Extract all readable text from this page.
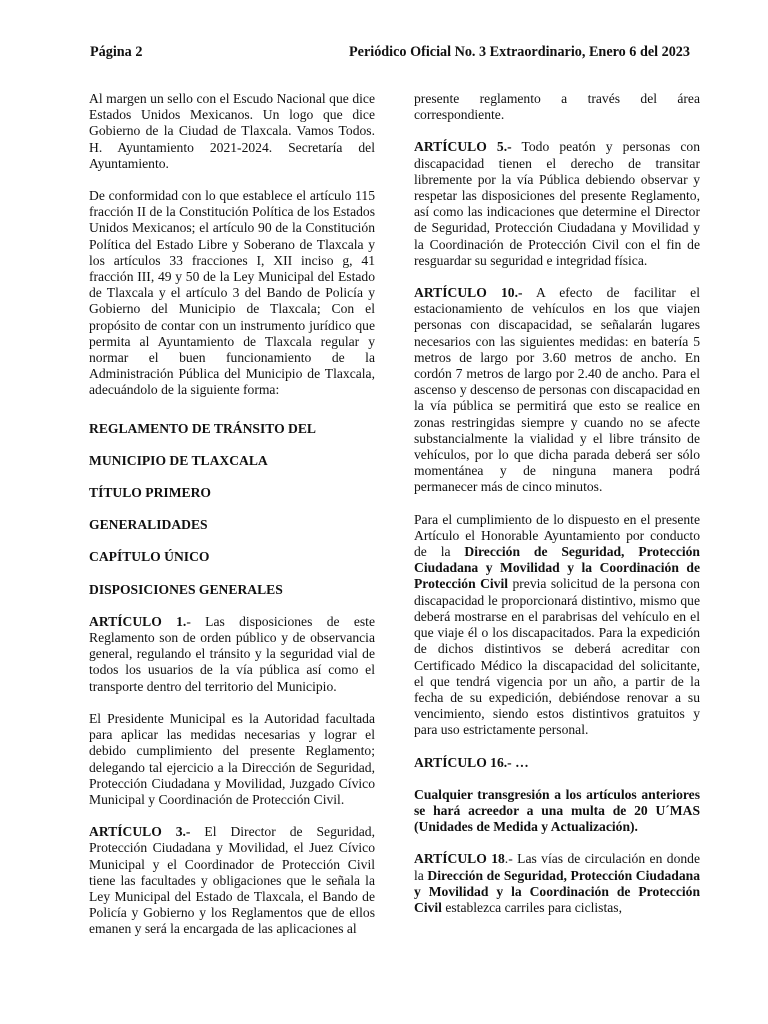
Página 2	Periódico Oficial No. 3 Extraordinario, Enero 6 del 2023

Al margen un sello con el Escudo Nacional que dice Estados Unidos Mexicanos. Un logo que dice Gobierno de la Ciudad de Tlaxcala. Vamos Todos. H. Ayuntamiento 2021-2024. Secretaría del Ayuntamiento.

De conformidad con lo que establece el artículo 115 fracción II de la Constitución Política de los Estados Unidos Mexicanos; el artículo 90 de la Constitución Política del Estado Libre y Soberano de Tlaxcala y los artículos 33 fracciones I, XII inciso g, 41 fracción III, 49 y 50 de la Ley Municipal del Estado de Tlaxcala y el artículo 3 del Bando de Policía y Gobierno del Municipio de Tlaxcala; Con el propósito de contar con un instrumento jurídico que permita al Ayuntamiento de Tlaxcala regular y normar el buen funcionamiento de la Administración Pública del Municipio de Tlaxcala, adecuándolo de la siguiente forma:

REGLAMENTO DE TRÁNSITO DEL

MUNICIPIO DE TLAXCALA

TÍTULO PRIMERO

GENERALIDADES

CAPÍTULO ÚNICO

DISPOSICIONES GENERALES

ARTÍCULO 1.- Las disposiciones de este Reglamento son de orden público y de observancia general, regulando el tránsito y la seguridad vial de todos los usuarios de la vía pública así como el transporte dentro del territorio del Municipio.

El Presidente Municipal es la Autoridad facultada para aplicar las medidas necesarias y lograr el debido cumplimiento del presente Reglamento; delegando tal ejercicio a la Dirección de Seguridad, Protección Ciudadana y Movilidad, Juzgado Cívico Municipal y Coordinación de Protección Civil.

ARTÍCULO 3.- El Director de Seguridad, Protección Ciudadana y Movilidad, el Juez Cívico Municipal y el Coordinador de Protección Civil tiene las facultades y obligaciones que le señala la Ley Municipal del Estado de Tlaxcala, el Bando de Policía y Gobierno y los Reglamentos que de ellos emanen y será la encargada de las aplicaciones al

presente reglamento a través del área correspondiente.

ARTÍCULO 5.- Todo peatón y personas con discapacidad tienen el derecho de transitar libremente por la vía Pública debiendo observar y respetar las disposiciones del presente Reglamento, así como las indicaciones que determine el Director de Seguridad, Protección Ciudadana y Movilidad y la Coordinación de Protección Civil con el fin de resguardar su seguridad e integridad física.

ARTÍCULO 10.- A efecto de facilitar el estacionamiento de vehículos en los que viajen personas con discapacidad, se señalarán lugares necesarios con las siguientes medidas: en batería 5 metros de largo por 3.60 metros de ancho. En cordón 7 metros de largo por 2.40 de ancho. Para el ascenso y descenso de personas con discapacidad en la vía pública se permitirá que esto se realice en zonas restringidas siempre y cuando no se afecte substancialmente la vialidad y el libre tránsito de vehículos, por lo que dicha parada deberá ser sólo momentánea y de ninguna manera podrá permanecer más de cinco minutos.

Para el cumplimiento de lo dispuesto en el presente Artículo el Honorable Ayuntamiento por conducto de la Dirección de Seguridad, Protección Ciudadana y Movilidad y la Coordinación de Protección Civil previa solicitud de la persona con discapacidad le proporcionará distintivo, mismo que deberá mostrarse en el parabrisas del vehículo en el que viaje él o los discapacitados. Para la expedición de dichos distintivos se deberá acreditar con Certificado Médico la discapacidad del solicitante, el que tendrá vigencia por un año, a partir de la fecha de su expedición, debiéndose renovar a su vencimiento, siendo estos distintivos gratuitos y para uso estrictamente personal.

ARTÍCULO 16.- …

Cualquier transgresión a los artículos anteriores se hará acreedor a una multa de 20 U´MAS (Unidades de Medida y Actualización).

ARTÍCULO 18.- Las vías de circulación en donde la Dirección de Seguridad, Protección Ciudadana y Movilidad y la Coordinación de Protección Civil establezca carriles para ciclistas,
